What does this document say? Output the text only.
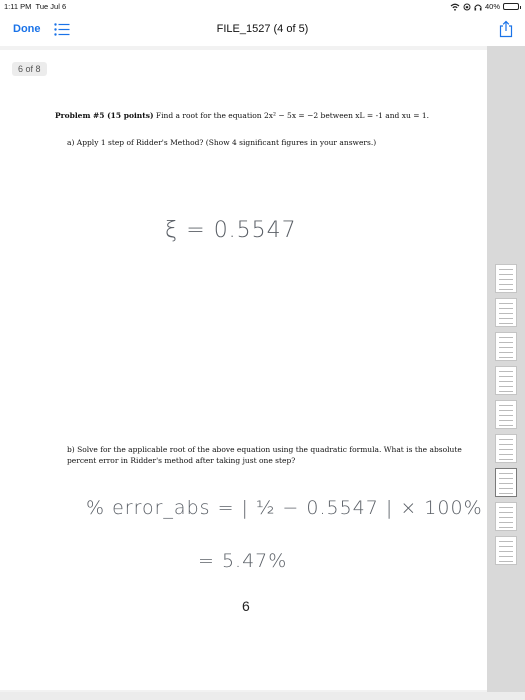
1:11 PM Tue Jul 6	40%
Done	FILE_1527 (4 of 5)
6 of 8
Problem #5 (15 points) Find a root for the equation 2x² − 5x = −2 between xL = -1 and xu = 1.
a) Apply 1 step of Ridder's Method? (Show 4 significant figures in your answers.)
ξ = 0.5547
b) Solve for the applicable root of the above equation using the quadratic formula. What is the absolute percent error in Ridder's method after taking just one step?
% error_abs = | ½ − 0.5547 | × 100%
= 5.47%
6
